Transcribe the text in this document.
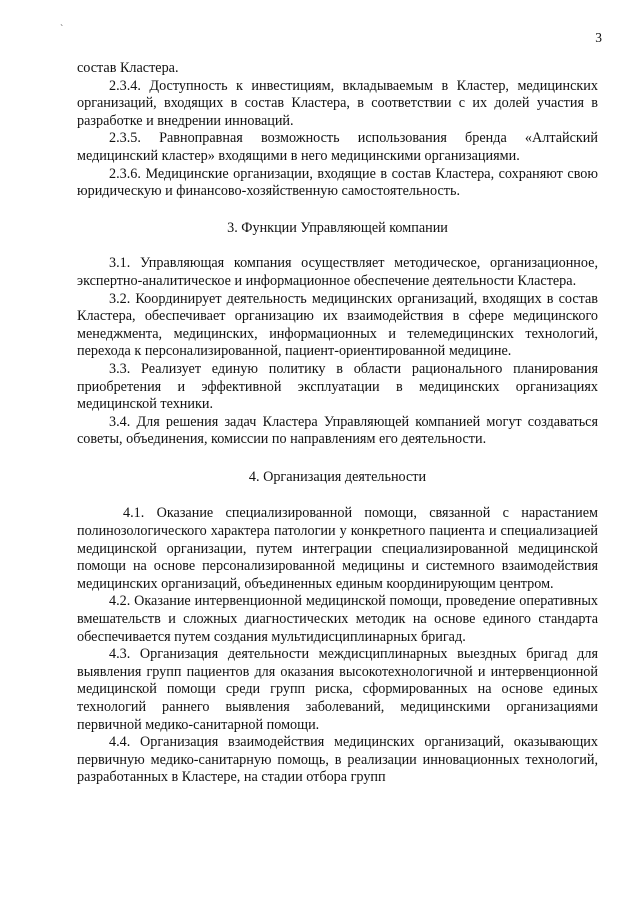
`
3

состав Кластера.

2.3.4. Доступность к инвестициям, вкладываемым в Кластер, медицинских организаций, входящих в состав Кластера, в соответствии с их долей участия в разработке и внедрении инноваций.

2.3.5. Равноправная возможность использования бренда «Алтайский медицинский кластер» входящими в него медицинскими организациями.

2.3.6. Медицинские организации, входящие в состав Кластера, сохраняют свою юридическую и финансово-хозяйственную самостоятельность.

3. Функции Управляющей компании

3.1. Управляющая компания осуществляет методическое, организационное, экспертно-аналитическое и информационное обеспечение деятельности Кластера.

3.2. Координирует деятельность медицинских организаций, входящих в состав Кластера, обеспечивает организацию их взаимодействия в сфере медицинского менеджмента, медицинских, информационных и телемедицинских технологий, перехода к персонализированной, пациент-ориентированной медицине.

3.3. Реализует единую политику в области рационального планирования приобретения и эффективной эксплуатации в медицинских организациях медицинской техники.

3.4. Для решения задач Кластера Управляющей компанией могут создаваться советы, объединения, комиссии по направлениям его деятельности.

4. Организация деятельности

4.1. Оказание специализированной помощи, связанной с нарастанием полинозологического характера патологии у конкретного пациента и специализацией медицинской организации, путем интеграции специализированной медицинской помощи на основе персонализированной медицины и системного взаимодействия медицинских организаций, объединенных единым координирующим центром.

4.2. Оказание интервенционной медицинской помощи, проведение оперативных вмешательств и сложных диагностических методик на основе единого стандарта обеспечивается путем создания мультидисциплинарных бригад.

4.3. Организация деятельности междисциплинарных выездных бригад для выявления групп пациентов для оказания высокотехнологичной и интервенционной медицинской помощи среди групп риска, сформированных на основе единых технологий раннего выявления заболеваний, медицинскими организациями первичной медико-санитарной помощи.

4.4. Организация взаимодействия медицинских организаций, оказывающих первичную медико-санитарную помощь, в реализации инновационных технологий, разработанных в Кластере, на стадии отбора групп
